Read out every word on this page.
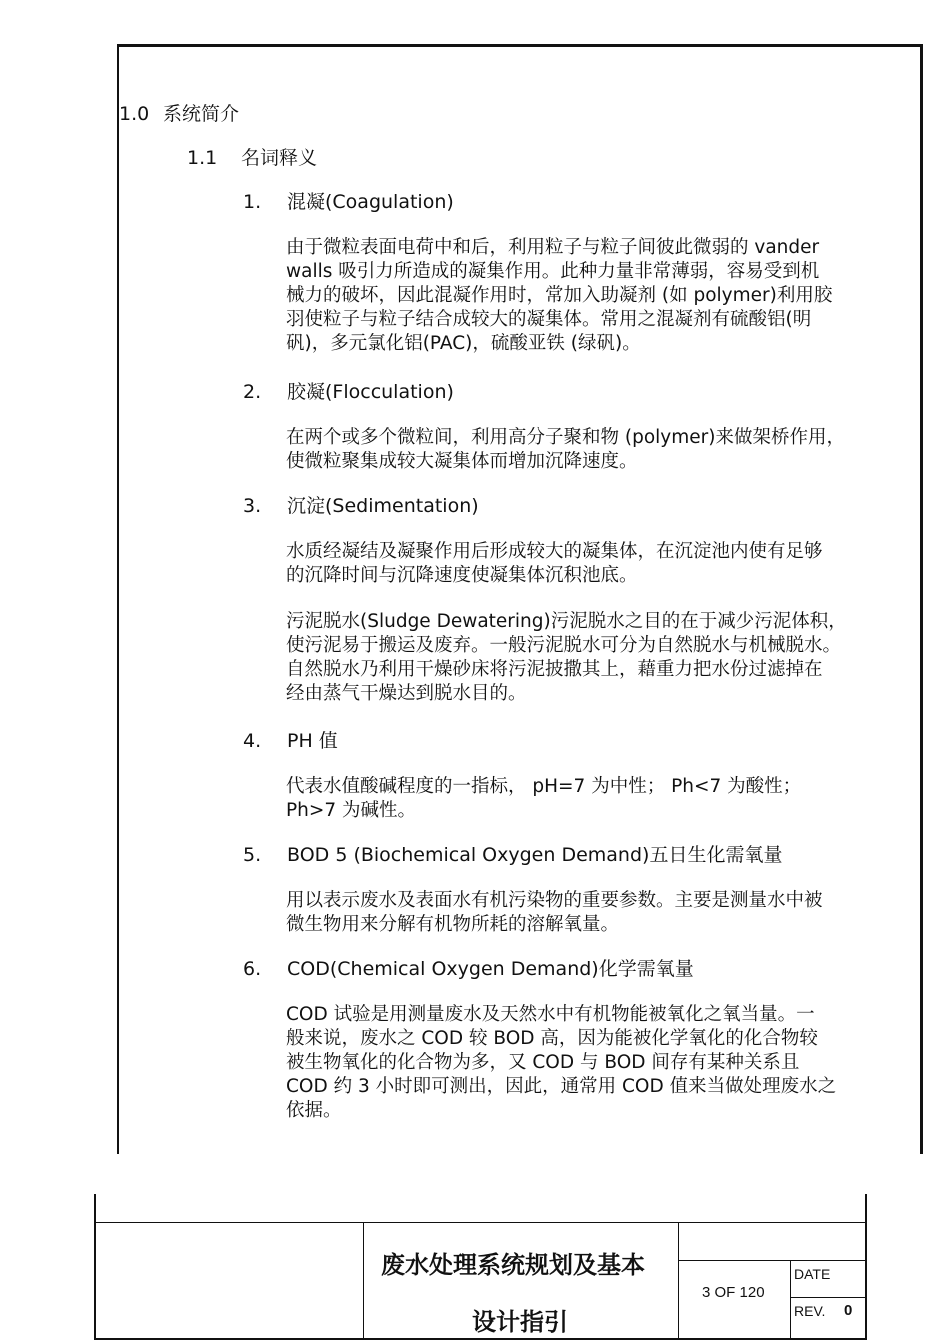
1.0 系统简介
1.1 名词释义
1. 混凝(Coagulation)
由于微粒表面电荷中和后，利用粒子与粒子间彼此微弱的 vander
walls 吸引力所造成的凝集作用。此种力量非常薄弱，容易受到机
械力的破坏，因此混凝作用时，常加入助凝剂 (如 polymer)利用胶
羽使粒子与粒子结合成较大的凝集体。常用之混凝剂有硫酸铝(明
矾)，多元氯化铝(PAC)，硫酸亚铁 (绿矾)。
2. 胶凝(Flocculation)
在两个或多个微粒间，利用高分子聚和物 (polymer)来做架桥作用，
使微粒聚集成较大凝集体而增加沉降速度。
3. 沉淀(Sedimentation)
水质经凝结及凝聚作用后形成较大的凝集体，在沉淀池内使有足够
的沉降时间与沉降速度使凝集体沉积池底。
污泥脱水(Sludge Dewatering)污泥脱水之目的在于减少污泥体积，
使污泥易于搬运及废弃。一般污泥脱水可分为自然脱水与机械脱水。
自然脱水乃利用干燥砂床将污泥披撒其上，藉重力把水份过滤掉在
经由蒸气干燥达到脱水目的。
4. PH 值
代表水值酸碱程度的一指标， pH=7 为中性； Ph<7 为酸性；
Ph>7 为碱性。
5. BOD 5 (Biochemical Oxygen Demand)五日生化需氧量
用以表示废水及表面水有机污染物的重要参数。主要是测量水中被
微生物用来分解有机物所耗的溶解氧量。
6. COD(Chemical Oxygen Demand)化学需氧量
COD 试验是用测量废水及天然水中有机物能被氧化之氧当量。一
般来说，废水之 COD 较 BOD 高，因为能被化学氧化的化合物较
被生物氧化的化合物为多，又 COD 与 BOD 间存有某种关系且
COD 约 3 小时即可测出，因此，通常用 COD 值来当做处理废水之
依据。
废水处理系统规划及基本
设计指引
3 OF 120
DATE
REV. 0
